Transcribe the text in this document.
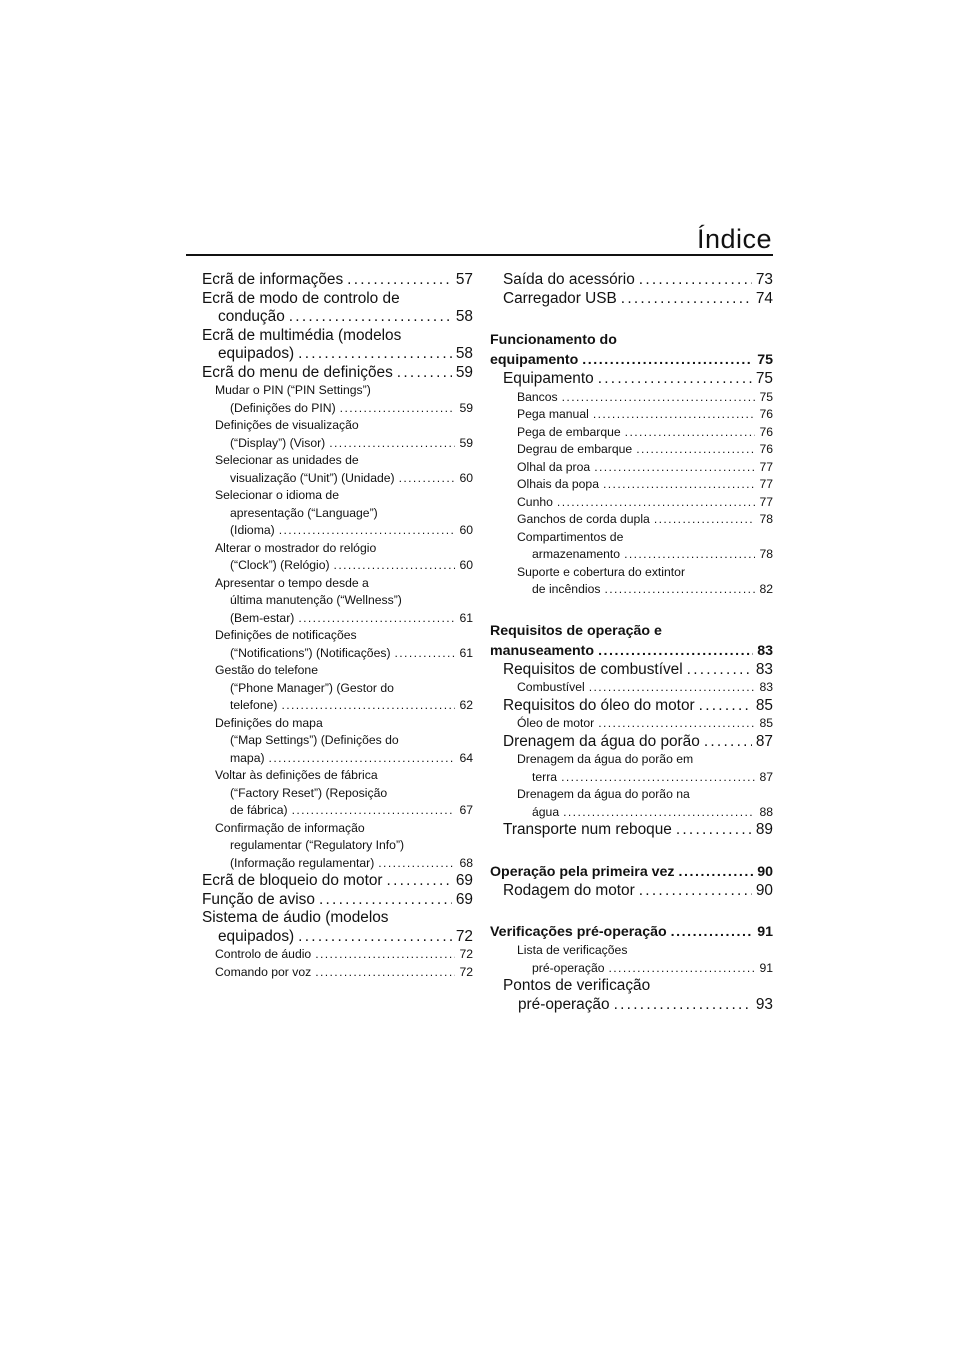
Índice
Ecrã de informações . . .	57
Ecrã de modo de controlo de
condução . . .	58
Ecrã de multimédia (modelos
equipados) . . .	58
Ecrã do menu de definições . . .	59
Mudar o PIN (“PIN Settings”)
(Definições do PIN) . . .	59
Definições de visualização
(“Display”) (Visor) . . .	59
Selecionar as unidades de
visualização (“Unit”) (Unidade) . . .	60
Selecionar o idioma de
apresentação (“Language”)
(Idioma) . . .	60
Alterar o mostrador do relógio
(“Clock”) (Relógio) . . .	60
Apresentar o tempo desde a
última manutenção (“Wellness”)
(Bem-estar) . . .	61
Definições de notificações
(“Notifications”) (Notificações) . . .	61
Gestão do telefone
(“Phone Manager”) (Gestor do
telefone) . . .	62
Definições do mapa
(“Map Settings”) (Definições do
mapa) . . .	64
Voltar às definições de fábrica
(“Factory Reset”) (Reposição
de fábrica) . . .	67
Confirmação de informação
regulamentar (“Regulatory Info”)
(Informação regulamentar) . . .	68
Ecrã de bloqueio do motor . . .	69
Função de aviso . . .	69
Sistema de áudio (modelos
equipados) . . .	72
Controlo de áudio . . .	72
Comando por voz . . .	72
Saída do acessório . . .	73
Carregador USB . . .	74
Funcionamento do
equipamento . . .	75
Equipamento . . .	75
Bancos . . .	75
Pega manual . . .	76
Pega de embarque . . .	76
Degrau de embarque . . .	76
Olhal da proa . . .	77
Olhais da popa . . .	77
Cunho . . .	77
Ganchos de corda dupla . . .	78
Compartimentos de
armazenamento . . .	78
Suporte e cobertura do extintor
de incêndios . . .	82
Requisitos de operação e
manuseamento . . .	83
Requisitos de combustível . . .	83
Combustível . . .	83
Requisitos do óleo do motor . . .	85
Óleo de motor . . .	85
Drenagem da água do porão . . .	87
Drenagem da água do porão em
terra . . .	87
Drenagem da água do porão na
água . . .	88
Transporte num reboque . . .	89
Operação pela primeira vez . . .	90
Rodagem do motor . . .	90
Verificações pré-operação . . .	91
Lista de verificações
pré-operação . . .	91
Pontos de verificação
pré-operação . . .	93
